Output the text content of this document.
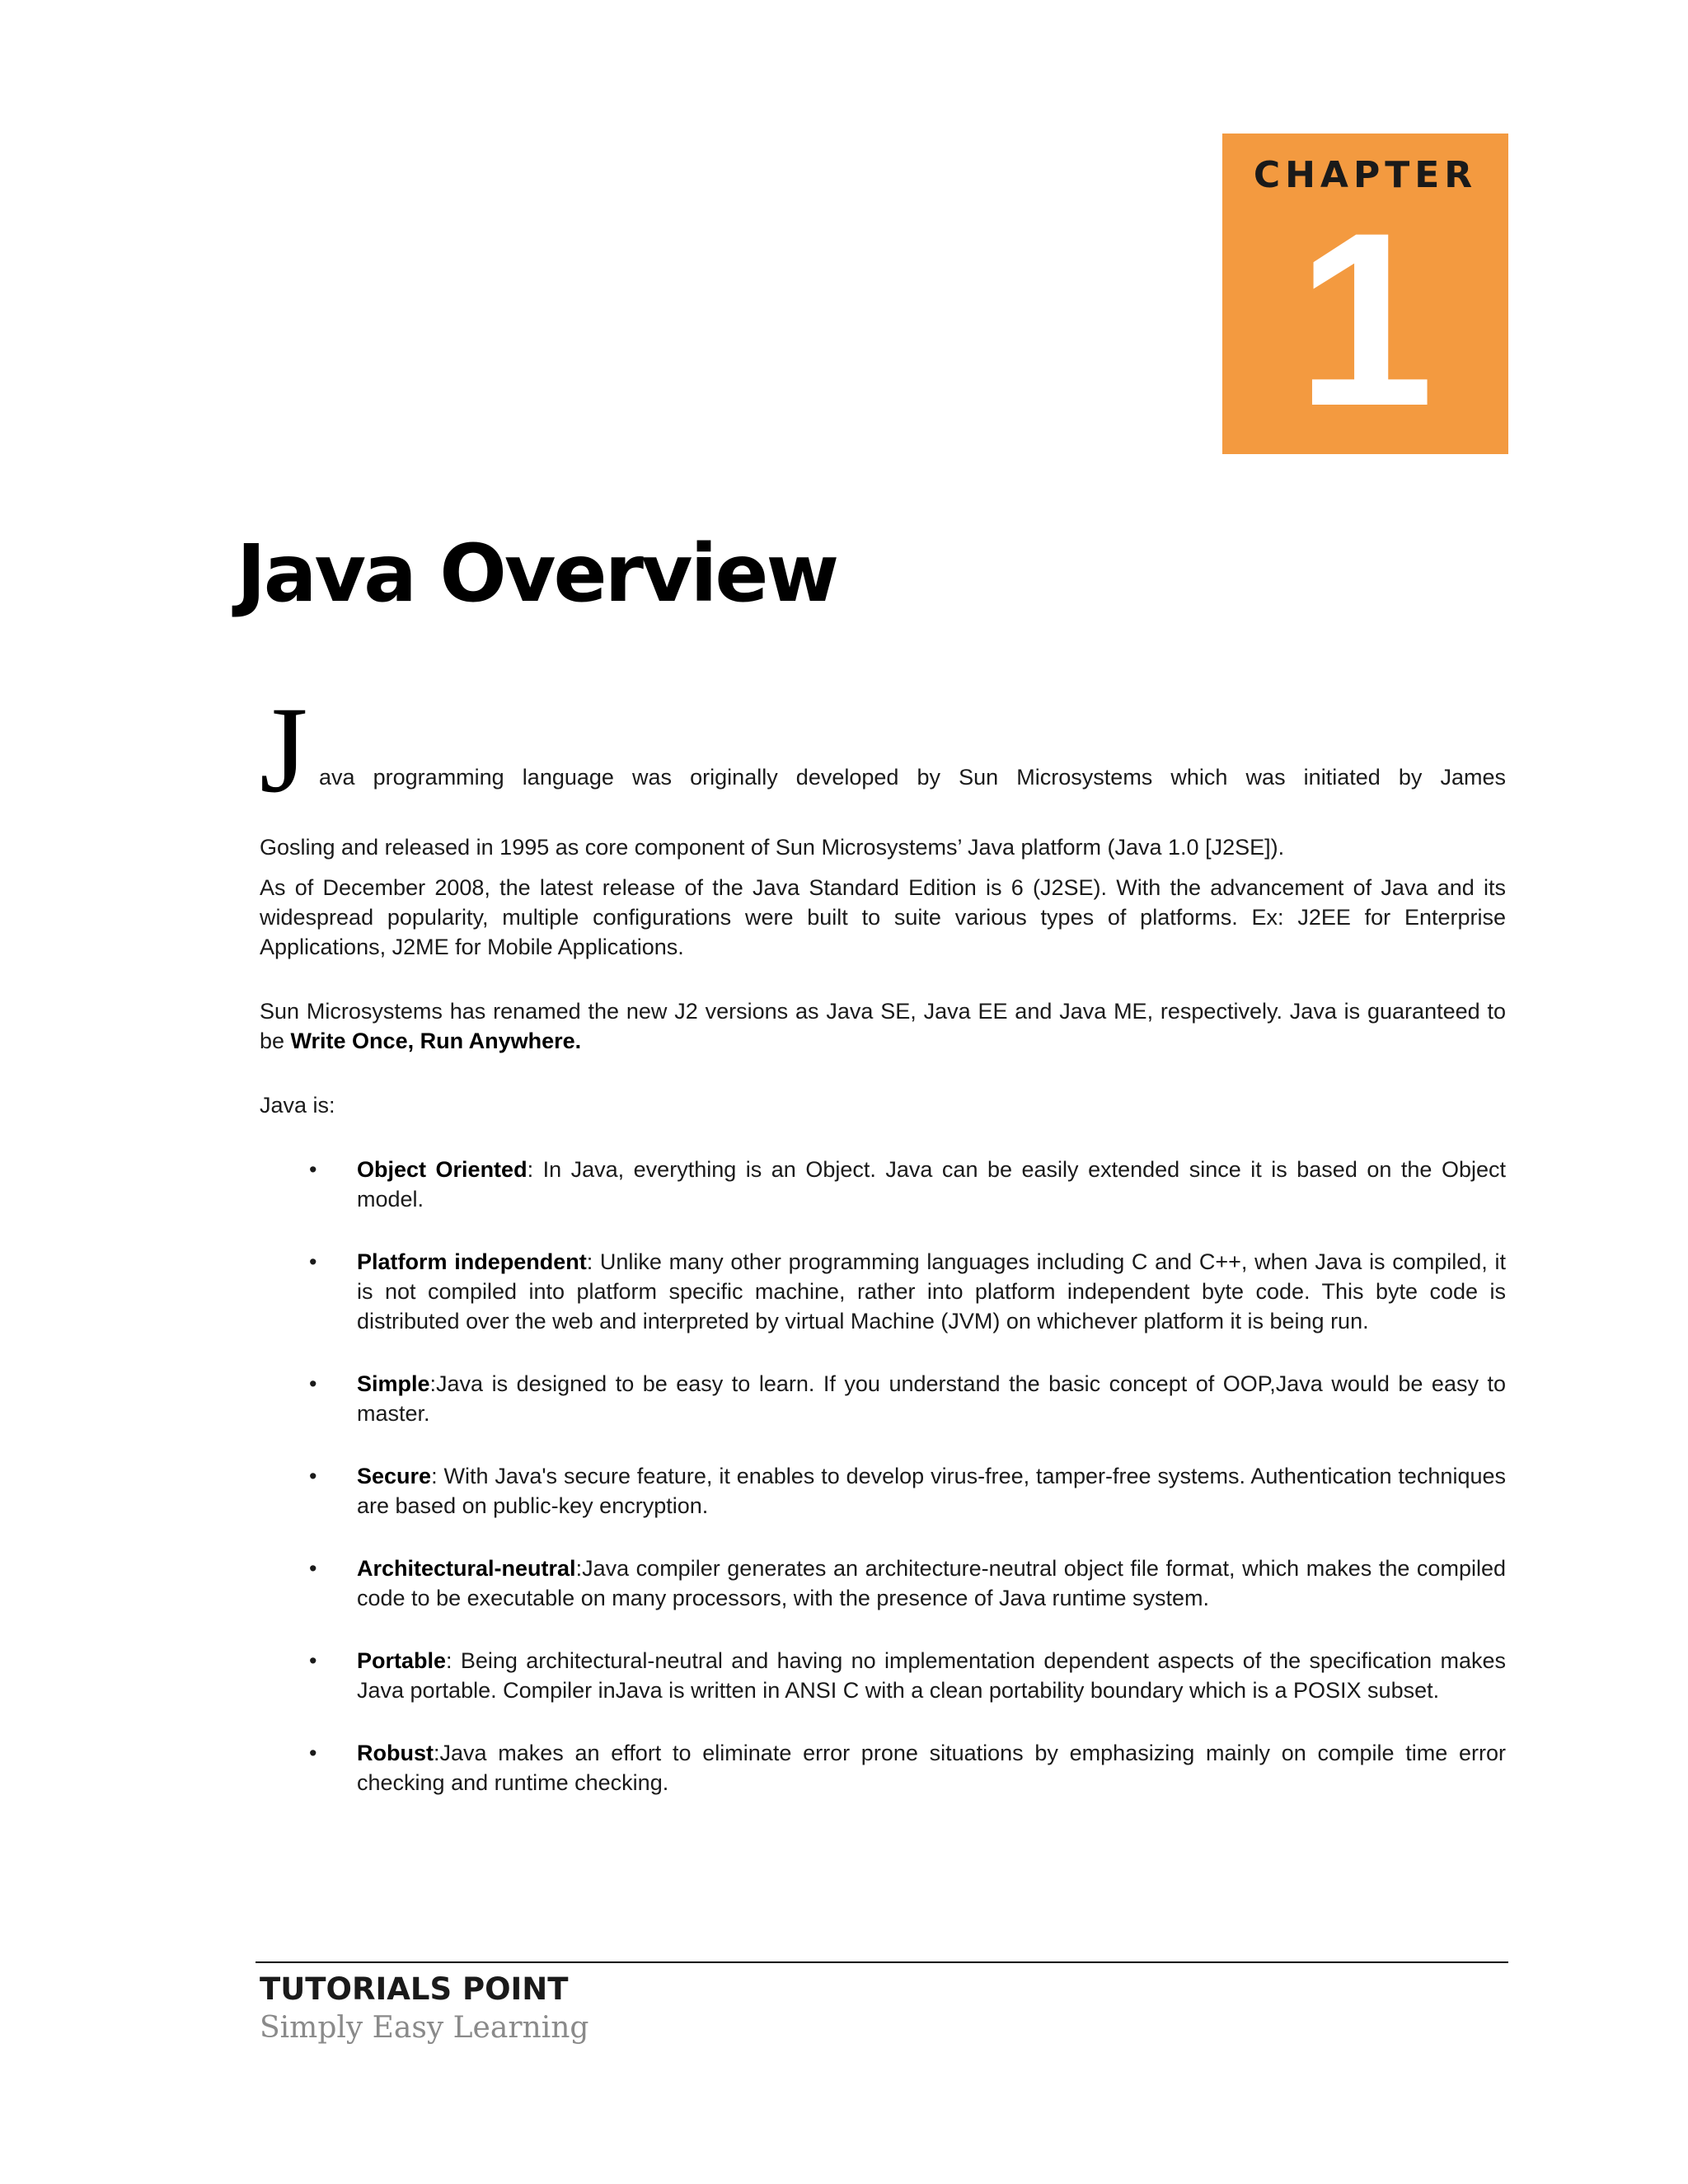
CHAPTER
1
Java Overview
J ava programming language was originally developed by Sun Microsystems which was initiated by James
Gosling and released in 1995 as core component of Sun Microsystems’ Java platform (Java 1.0 [J2SE]).

As of December 2008, the latest release of the Java Standard Edition is 6 (J2SE). With the advancement of Java and its widespread popularity, multiple configurations were built to suite various types of platforms. Ex: J2EE for Enterprise Applications, J2ME for Mobile Applications.

Sun Microsystems has renamed the new J2 versions as Java SE, Java EE and Java ME, respectively. Java is guaranteed to be Write Once, Run Anywhere.

Java is:

• Object Oriented: In Java, everything is an Object. Java can be easily extended since it is based on the Object model.
• Platform independent: Unlike many other programming languages including C and C++, when Java is compiled, it is not compiled into platform specific machine, rather into platform independent byte code. This byte code is distributed over the web and interpreted by virtual Machine (JVM) on whichever platform it is being run.
• Simple:Java is designed to be easy to learn. If you understand the basic concept of OOP,Java would be easy to master.
• Secure: With Java's secure feature, it enables to develop virus-free, tamper-free systems. Authentication techniques are based on public-key encryption.
• Architectural-neutral:Java compiler generates an architecture-neutral object file format, which makes the compiled code to be executable on many processors, with the presence of Java runtime system.
• Portable: Being architectural-neutral and having no implementation dependent aspects of the specification makes Java portable. Compiler inJava is written in ANSI C with a clean portability boundary which is a POSIX subset.
• Robust:Java makes an effort to eliminate error prone situations by emphasizing mainly on compile time error checking and runtime checking.
TUTORIALS POINT
Simply Easy Learning
